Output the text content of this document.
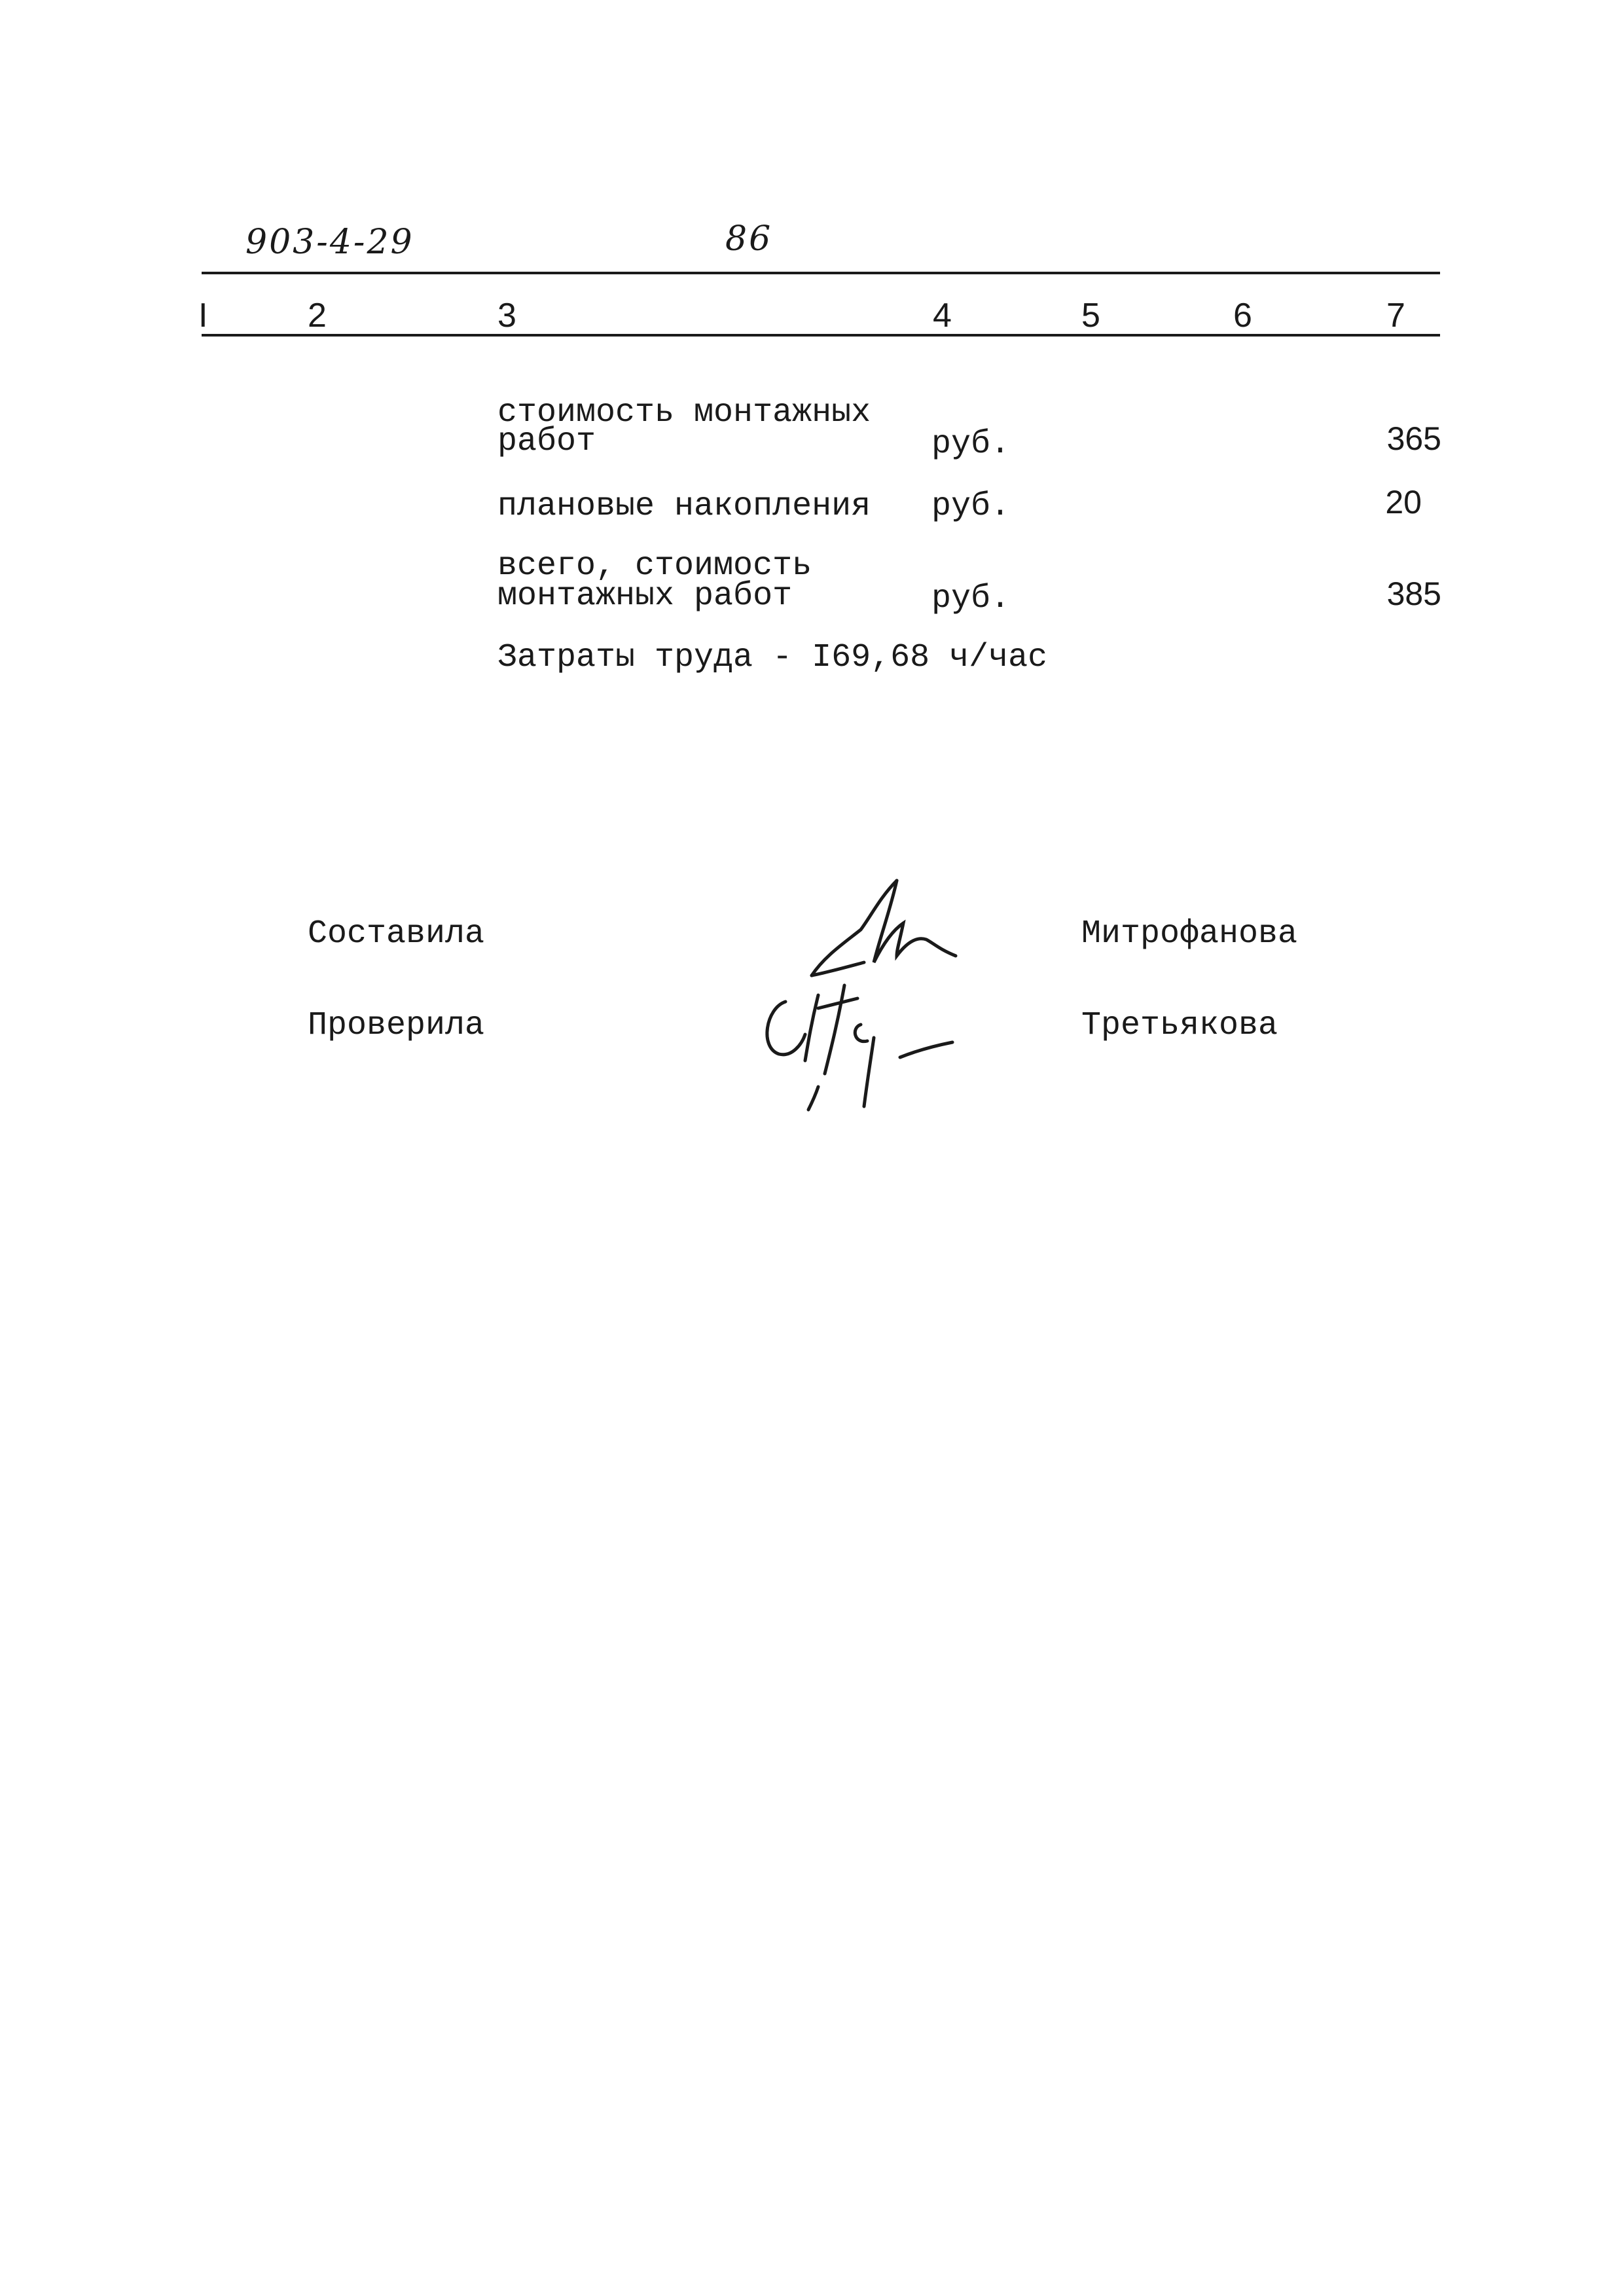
903-4-29	86
I	2	3	4	5	6	7
стоимость монтажных
работ	руб.	365
плановые накопления руб.	20
всего, стоимость
монтажных работ	руб.	385
Затраты труда - I69,68 ч/час
Составила	Митрофанова
Проверила	Третьякова
